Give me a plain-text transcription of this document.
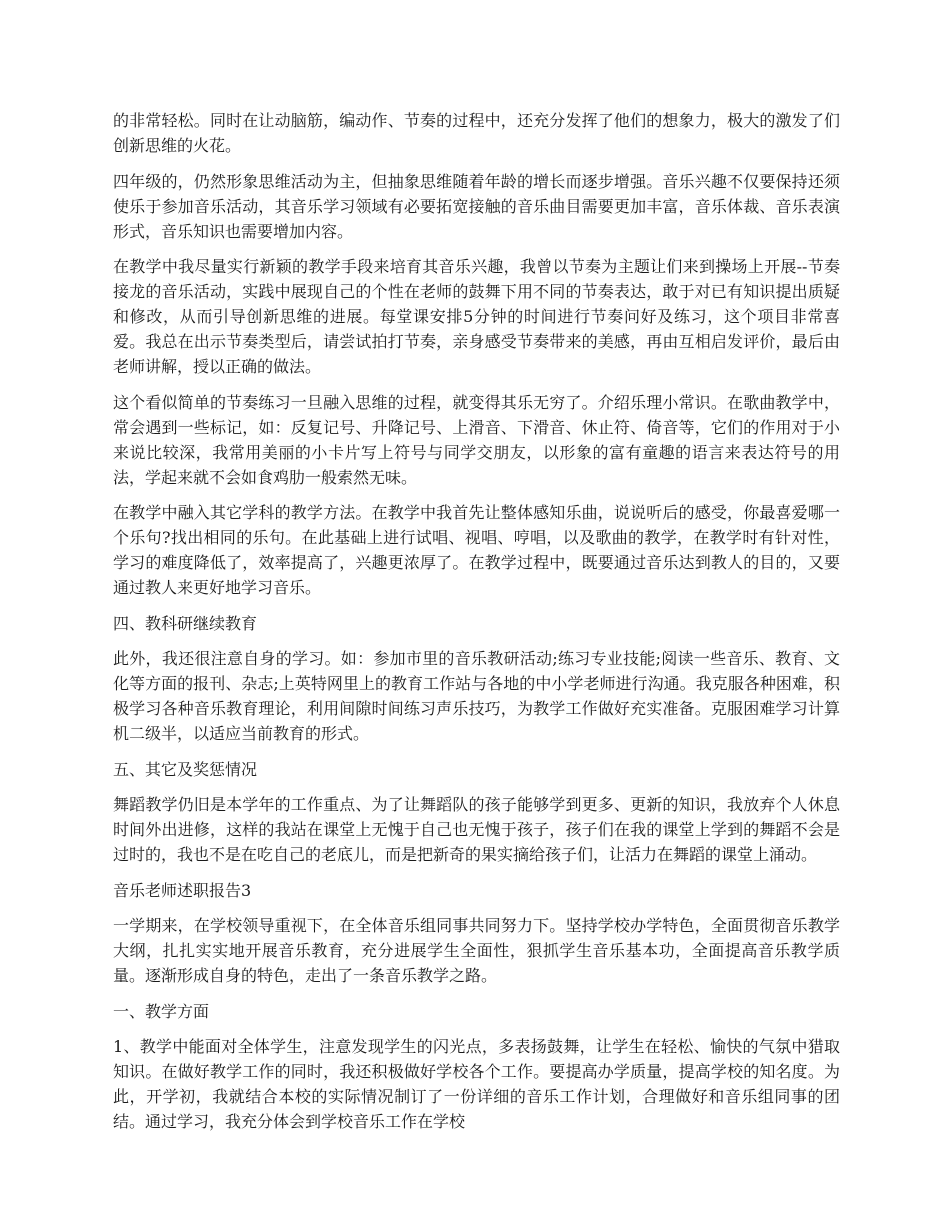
的非常轻松。同时在让动脑筋，编动作、节奏的过程中，还充分发挥了他们的想象力，极大的激发了们创新思维的火花。

四年级的，仍然形象思维活动为主，但抽象思维随着年龄的增长而逐步增强。音乐兴趣不仅要保持还须使乐于参加音乐活动，其音乐学习领域有必要拓宽接触的音乐曲目需要更加丰富，音乐体裁、音乐表演形式，音乐知识也需要增加内容。

在教学中我尽量实行新颖的教学手段来培育其音乐兴趣，我曾以节奏为主题让们来到操场上开展--节奏接龙的音乐活动，实践中展现自己的个性在老师的鼓舞下用不同的节奏表达，敢于对已有知识提出质疑和修改，从而引导创新思维的进展。每堂课安排5分钟的时间进行节奏问好及练习，这个项目非常喜爱。我总在出示节奏类型后，请尝试拍打节奏，亲身感受节奏带来的美感，再由互相启发评价，最后由老师讲解，授以正确的做法。

这个看似简单的节奏练习一旦融入思维的过程，就变得其乐无穷了。介绍乐理小常识。在歌曲教学中，常会遇到一些标记，如：反复记号、升降记号、上滑音、下滑音、休止符、倚音等，它们的作用对于小来说比较深，我常用美丽的小卡片写上符号与同学交朋友，以形象的富有童趣的语言来表达符号的用法，学起来就不会如食鸡肋一般索然无味。

在教学中融入其它学科的教学方法。在教学中我首先让整体感知乐曲，说说听后的感受，你最喜爱哪一个乐句?找出相同的乐句。在此基础上进行试唱、视唱、哼唱，以及歌曲的教学，在教学时有针对性，学习的难度降低了，效率提高了，兴趣更浓厚了。在教学过程中，既要通过音乐达到教人的目的，又要通过教人来更好地学习音乐。

四、教科研继续教育

此外，我还很注意自身的学习。如：参加市里的音乐教研活动;练习专业技能;阅读一些音乐、教育、文化等方面的报刊、杂志;上英特网里上的教育工作站与各地的中小学老师进行沟通。我克服各种困难，积极学习各种音乐教育理论，利用间隙时间练习声乐技巧，为教学工作做好充实准备。克服困难学习计算机二级半，以适应当前教育的形式。

五、其它及奖惩情况

舞蹈教学仍旧是本学年的工作重点、为了让舞蹈队的孩子能够学到更多、更新的知识，我放弃个人休息时间外出进修，这样的我站在课堂上无愧于自己也无愧于孩子，孩子们在我的课堂上学到的舞蹈不会是过时的，我也不是在吃自己的老底儿，而是把新奇的果实摘给孩子们，让活力在舞蹈的课堂上涌动。

音乐老师述职报告3

一学期来，在学校领导重视下，在全体音乐组同事共同努力下。坚持学校办学特色，全面贯彻音乐教学大纲，扎扎实实地开展音乐教育，充分进展学生全面性，狠抓学生音乐基本功，全面提高音乐教学质量。逐渐形成自身的特色，走出了一条音乐教学之路。

一、教学方面

1、教学中能面对全体学生，注意发现学生的闪光点，多表扬鼓舞，让学生在轻松、愉快的气氛中猎取知识。在做好教学工作的同时，我还积极做好学校各个工作。要提高办学质量，提高学校的知名度。为此，开学初，我就结合本校的实际情况制订了一份详细的音乐工作计划，合理做好和音乐组同事的团结。通过学习，我充分体会到学校音乐工作在学校
